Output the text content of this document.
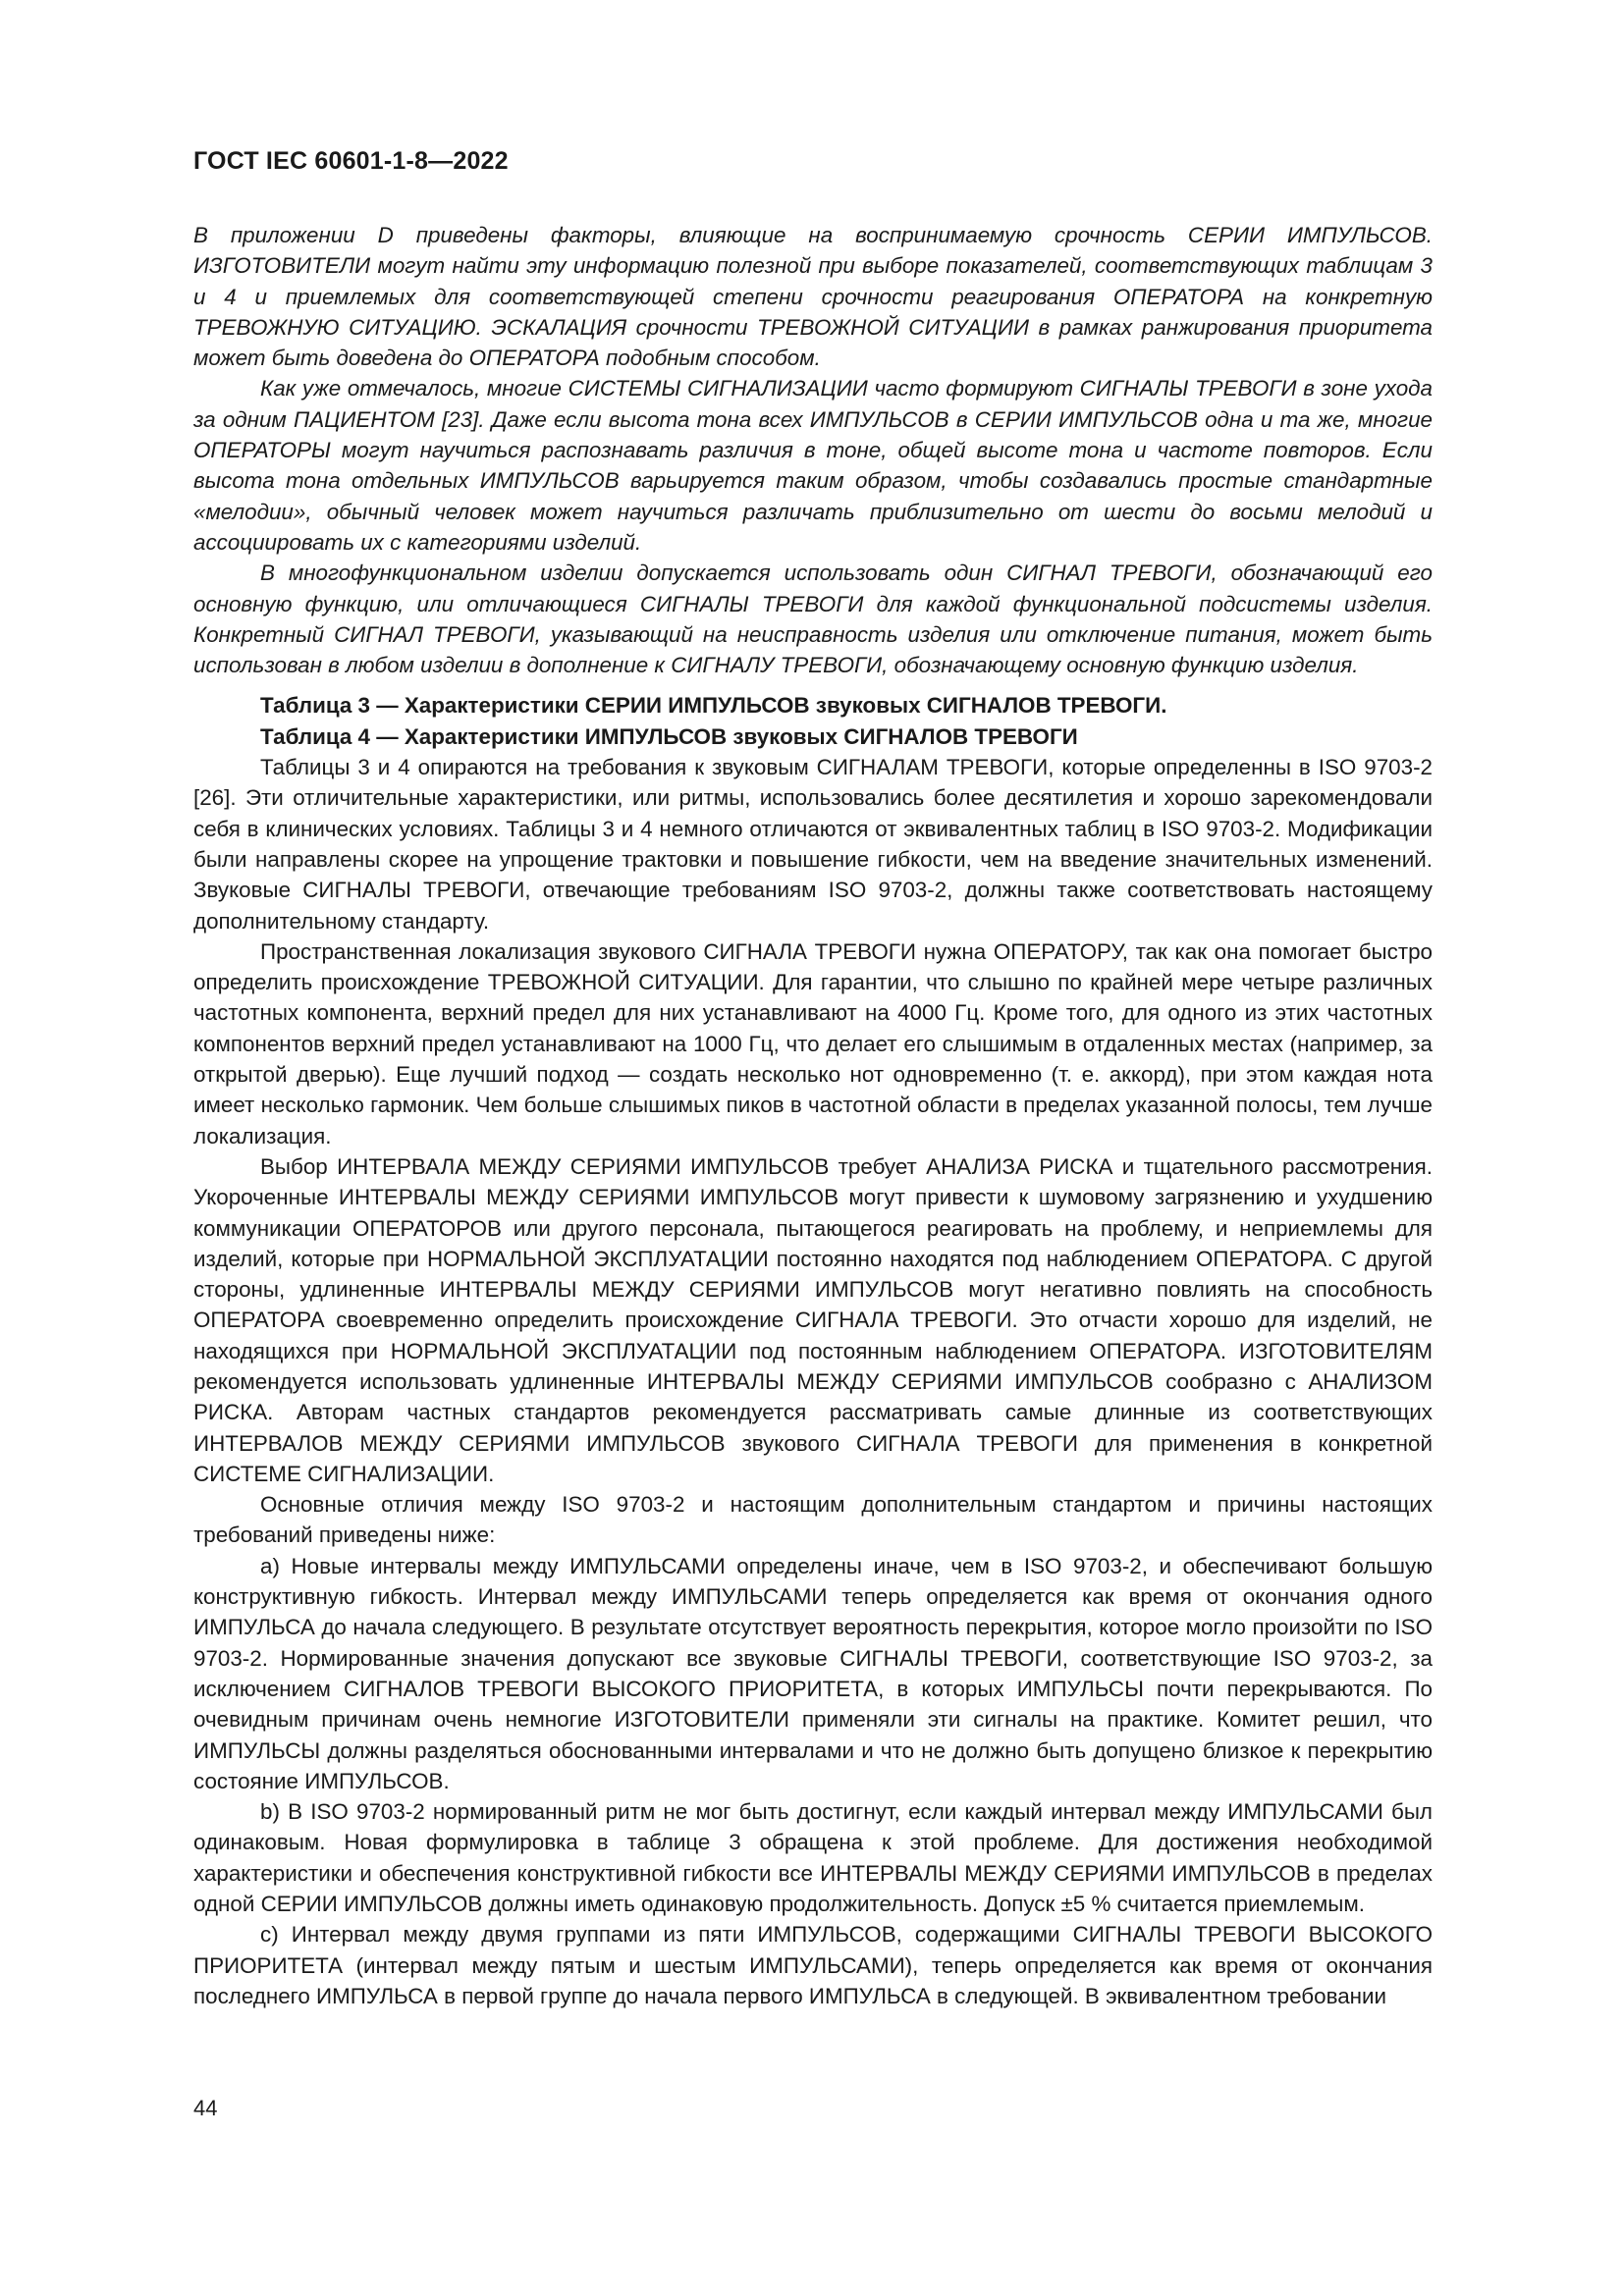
ГОСТ IEC 60601-1-8—2022

В приложении D приведены факторы, влияющие на воспринимаемую срочность СЕРИИ ИМПУЛЬСОВ. ИЗГОТОВИТЕЛИ могут найти эту информацию полезной при выборе показателей, соответствующих таблицам 3 и 4 и приемлемых для соответствующей степени срочности реагирования ОПЕРАТОРА на конкретную ТРЕВОЖНУЮ СИТУАЦИЮ. ЭСКАЛАЦИЯ срочности ТРЕВОЖНОЙ СИТУАЦИИ в рамках ранжирования приоритета может быть доведена до ОПЕРАТОРА подобным способом.

Как уже отмечалось, многие СИСТЕМЫ СИГНАЛИЗАЦИИ часто формируют СИГНАЛЫ ТРЕВОГИ в зоне ухода за одним ПАЦИЕНТОМ [23]. Даже если высота тона всех ИМПУЛЬСОВ в СЕРИИ ИМПУЛЬСОВ одна и та же, многие ОПЕРАТОРЫ могут научиться распознавать различия в тоне, общей высоте тона и частоте повторов. Если высота тона отдельных ИМПУЛЬСОВ варьируется таким образом, чтобы создавались простые стандартные «мелодии», обычный человек может научиться различать приблизительно от шести до восьми мелодий и ассоциировать их с категориями изделий.

В многофункциональном изделии допускается использовать один СИГНАЛ ТРЕВОГИ, обозначающий его основную функцию, или отличающиеся СИГНАЛЫ ТРЕВОГИ для каждой функциональной подсистемы изделия. Конкретный СИГНАЛ ТРЕВОГИ, указывающий на неисправность изделия или отключение питания, может быть использован в любом изделии в дополнение к СИГНАЛУ ТРЕВОГИ, обозначающему основную функцию изделия.

Таблица 3 — Характеристики СЕРИИ ИМПУЛЬСОВ звуковых СИГНАЛОВ ТРЕВОГИ.

Таблица 4 — Характеристики ИМПУЛЬСОВ звуковых СИГНАЛОВ ТРЕВОГИ

Таблицы 3 и 4 опираются на требования к звуковым СИГНАЛАМ ТРЕВОГИ, которые определенны в ISO 9703-2 [26]. Эти отличительные характеристики, или ритмы, использовались более десятилетия и хорошо зарекомендовали себя в клинических условиях. Таблицы 3 и 4 немного отличаются от эквивалентных таблиц в ISO 9703-2. Модификации были направлены скорее на упрощение трактовки и повышение гибкости, чем на введение значительных изменений. Звуковые СИГНАЛЫ ТРЕВОГИ, отвечающие требованиям ISO 9703-2, должны также соответствовать настоящему дополнительному стандарту.

Пространственная локализация звукового СИГНАЛА ТРЕВОГИ нужна ОПЕРАТОРУ, так как она помогает быстро определить происхождение ТРЕВОЖНОЙ СИТУАЦИИ. Для гарантии, что слышно по крайней мере четыре различных частотных компонента, верхний предел для них устанавливают на 4000 Гц. Кроме того, для одного из этих частотных компонентов верхний предел устанавливают на 1000 Гц, что делает его слышимым в отдаленных местах (например, за открытой дверью). Еще лучший подход — создать несколько нот одновременно (т. е. аккорд), при этом каждая нота имеет несколько гармоник. Чем больше слышимых пиков в частотной области в пределах указанной полосы, тем лучше локализация.

Выбор ИНТЕРВАЛА МЕЖДУ СЕРИЯМИ ИМПУЛЬСОВ требует АНАЛИЗА РИСКА и тщательного рассмотрения. Укороченные ИНТЕРВАЛЫ МЕЖДУ СЕРИЯМИ ИМПУЛЬСОВ могут привести к шумовому загрязнению и ухудшению коммуникации ОПЕРАТОРОВ или другого персонала, пытающегося реагировать на проблему, и неприемлемы для изделий, которые при НОРМАЛЬНОЙ ЭКСПЛУАТАЦИИ постоянно находятся под наблюдением ОПЕРАТОРА. С другой стороны, удлиненные ИНТЕРВАЛЫ МЕЖДУ СЕРИЯМИ ИМПУЛЬСОВ могут негативно повлиять на способность ОПЕРАТОРА своевременно определить происхождение СИГНАЛА ТРЕВОГИ. Это отчасти хорошо для изделий, не находящихся при НОРМАЛЬНОЙ ЭКСПЛУАТАЦИИ под постоянным наблюдением ОПЕРАТОРА. ИЗГОТОВИТЕЛЯМ рекомендуется использовать удлиненные ИНТЕРВАЛЫ МЕЖДУ СЕРИЯМИ ИМПУЛЬСОВ сообразно с АНАЛИЗОМ РИСКА. Авторам частных стандартов рекомендуется рассматривать самые длинные из соответствующих ИНТЕРВАЛОВ МЕЖДУ СЕРИЯМИ ИМПУЛЬСОВ звукового СИГНАЛА ТРЕВОГИ для применения в конкретной СИСТЕМЕ СИГНАЛИЗАЦИИ.

Основные отличия между ISO 9703-2 и настоящим дополнительным стандартом и причины настоящих требований приведены ниже:

a) Новые интервалы между ИМПУЛЬСАМИ определены иначе, чем в ISO 9703-2, и обеспечивают большую конструктивную гибкость. Интервал между ИМПУЛЬСАМИ теперь определяется как время от окончания одного ИМПУЛЬСА до начала следующего. В результате отсутствует вероятность перекрытия, которое могло произойти по ISO 9703-2. Нормированные значения допускают все звуковые СИГНАЛЫ ТРЕВОГИ, соответствующие ISO 9703-2, за исключением СИГНАЛОВ ТРЕВОГИ ВЫСОКОГО ПРИОРИТЕТА, в которых ИМПУЛЬСЫ почти перекрываются. По очевидным причинам очень немногие ИЗГОТОВИТЕЛИ применяли эти сигналы на практике. Комитет решил, что ИМПУЛЬСЫ должны разделяться обоснованными интервалами и что не должно быть допущено близкое к перекрытию состояние ИМПУЛЬСОВ.

b) В ISO 9703-2 нормированный ритм не мог быть достигнут, если каждый интервал между ИМПУЛЬСАМИ был одинаковым. Новая формулировка в таблице 3 обращена к этой проблеме. Для достижения необходимой характеристики и обеспечения конструктивной гибкости все ИНТЕРВАЛЫ МЕЖДУ СЕРИЯМИ ИМПУЛЬСОВ в пределах одной СЕРИИ ИМПУЛЬСОВ должны иметь одинаковую продолжительность. Допуск ±5 % считается приемлемым.

c) Интервал между двумя группами из пяти ИМПУЛЬСОВ, содержащими СИГНАЛЫ ТРЕВОГИ ВЫСОКОГО ПРИОРИТЕТА (интервал между пятым и шестым ИМПУЛЬСАМИ), теперь определяется как время от окончания последнего ИМПУЛЬСА в первой группе до начала первого ИМПУЛЬСА в следующей. В эквивалентном требовании

44
